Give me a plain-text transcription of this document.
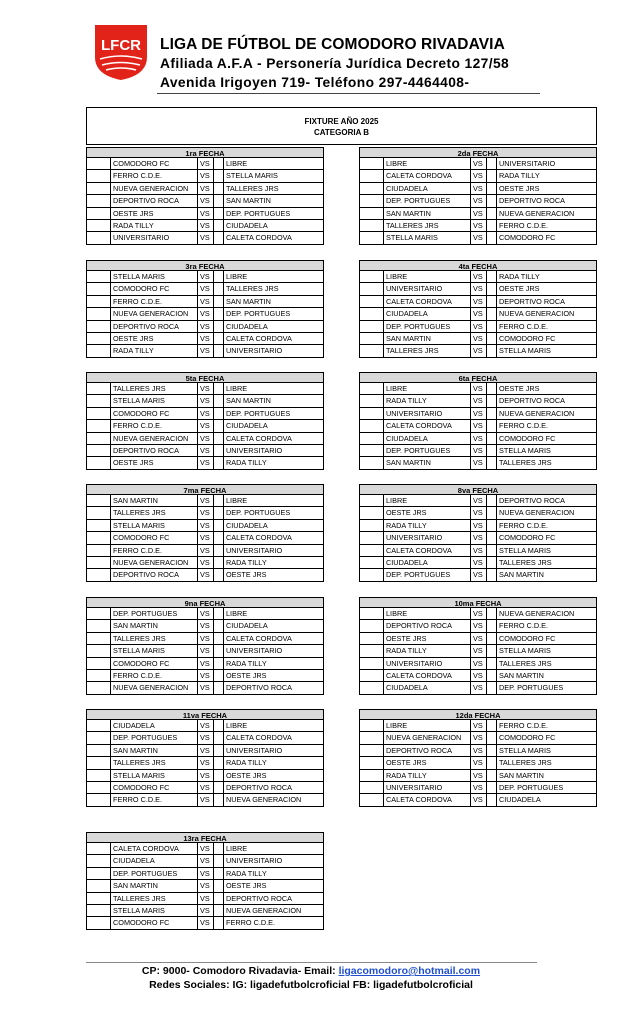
LFCR LIGA DE FÚTBOL DE COMODORO RIVADAVIA
Afiliada A.F.A - Personería Jurídica Decreto 127/58
Avenida Irigoyen 719- Teléfono 297-4464408-
FIXTURE AÑO 2025
CATEGORIA B
1ra FECHA
COMODORO FC	VS	LIBRE
FERRO C.D.E.	VS	STELLA MARIS
NUEVA GENERACION	VS	TALLERES JRS
DEPORTIVO ROCA	VS	SAN MARTIN
OESTE JRS	VS	DEP. PORTUGUES
RADA TILLY	VS	CIUDADELA
UNIVERSITARIO	VS	CALETA CORDOVA
2da FECHA
LIBRE	VS	UNIVERSITARIO
CALETA CORDOVA	VS	RADA TILLY
CIUDADELA	VS	OESTE JRS
DEP. PORTUGUES	VS	DEPORTIVO ROCA
SAN MARTIN	VS	NUEVA GENERACION
TALLERES JRS	VS	FERRO C.D.E.
STELLA MARIS	VS	COMODORO FC
3ra FECHA
STELLA MARIS	VS	LIBRE
COMODORO FC	VS	TALLERES JRS
FERRO C.D.E.	VS	SAN MARTIN
NUEVA GENERACION	VS	DEP. PORTUGUES
DEPORTIVO ROCA	VS	CIUDADELA
OESTE JRS	VS	CALETA CORDOVA
RADA TILLY	VS	UNIVERSITARIO
4ta FECHA
LIBRE	VS	RADA TILLY
UNIVERSITARIO	VS	OESTE JRS
CALETA CORDOVA	VS	DEPORTIVO ROCA
CIUDADELA	VS	NUEVA GENERACION
DEP. PORTUGUES	VS	FERRO C.D.E.
SAN MARTIN	VS	COMODORO FC
TALLERES JRS	VS	STELLA MARIS
5ta FECHA
TALLERES JRS	VS	LIBRE
STELLA MARIS	VS	SAN MARTIN
COMODORO FC	VS	DEP. PORTUGUES
FERRO C.D.E.	VS	CIUDADELA
NUEVA GENERACION	VS	CALETA CORDOVA
DEPORTIVO ROCA	VS	UNIVERSITARIO
OESTE JRS	VS	RADA TILLY
6ta FECHA
LIBRE	VS	OESTE JRS
RADA TILLY	VS	DEPORTIVO ROCA
UNIVERSITARIO	VS	NUEVA GENERACION
CALETA CORDOVA	VS	FERRO C.D.E.
CIUDADELA	VS	COMODORO FC
DEP. PORTUGUES	VS	STELLA MARIS
SAN MARTIN	VS	TALLERES JRS
7ma FECHA
SAN MARTIN	VS	LIBRE
TALLERES JRS	VS	DEP. PORTUGUES
STELLA MARIS	VS	CIUDADELA
COMODORO FC	VS	CALETA CORDOVA
FERRO C.D.E.	VS	UNIVERSITARIO
NUEVA GENERACION	VS	RADA TILLY
DEPORTIVO ROCA	VS	OESTE JRS
8va FECHA
LIBRE	VS	DEPORTIVO ROCA
OESTE JRS	VS	NUEVA GENERACION
RADA TILLY	VS	FERRO C.D.E.
UNIVERSITARIO	VS	COMODORO FC
CALETA CORDOVA	VS	STELLA MARIS
CIUDADELA	VS	TALLERES JRS
DEP. PORTUGUES	VS	SAN MARTIN
9na FECHA
DEP. PORTUGUES	VS	LIBRE
SAN MARTIN	VS	CIUDADELA
TALLERES JRS	VS	CALETA CORDOVA
STELLA MARIS	VS	UNIVERSITARIO
COMODORO FC	VS	RADA TILLY
FERRO C.D.E.	VS	OESTE JRS
NUEVA GENERACION	VS	DEPORTIVO ROCA
10ma FECHA
LIBRE	VS	NUEVA GENERACION
DEPORTIVO ROCA	VS	FERRO C.D.E.
OESTE JRS	VS	COMODORO FC
RADA TILLY	VS	STELLA MARIS
UNIVERSITARIO	VS	TALLERES JRS
CALETA CORDOVA	VS	SAN MARTIN
CIUDADELA	VS	DEP. PORTUGUES
11va FECHA
CIUDADELA	VS	LIBRE
DEP. PORTUGUES	VS	CALETA CORDOVA
SAN MARTIN	VS	UNIVERSITARIO
TALLERES JRS	VS	RADA TILLY
STELLA MARIS	VS	OESTE JRS
COMODORO FC	VS	DEPORTIVO ROCA
FERRO C.D.E.	VS	NUEVA GENERACION
12da FECHA
LIBRE	VS	FERRO C.D.E.
NUEVA GENERACION	VS	COMODORO FC
DEPORTIVO ROCA	VS	STELLA MARIS
OESTE JRS	VS	TALLERES JRS
RADA TILLY	VS	SAN MARTIN
UNIVERSITARIO	VS	DEP. PORTUGUES
CALETA CORDOVA	VS	CIUDADELA
13ra FECHA
CALETA CORDOVA	VS	LIBRE
CIUDADELA	VS	UNIVERSITARIO
DEP. PORTUGUES	VS	RADA TILLY
SAN MARTIN	VS	OESTE JRS
TALLERES JRS	VS	DEPORTIVO ROCA
STELLA MARIS	VS	NUEVA GENERACION
COMODORO FC	VS	FERRO C.D.E.
CP: 9000- Comodoro Rivadavia- Email: ligacomodoro@hotmail.com
Redes Sociales: IG: ligadefutbolcroficial FB: ligadefutbolcroficial
